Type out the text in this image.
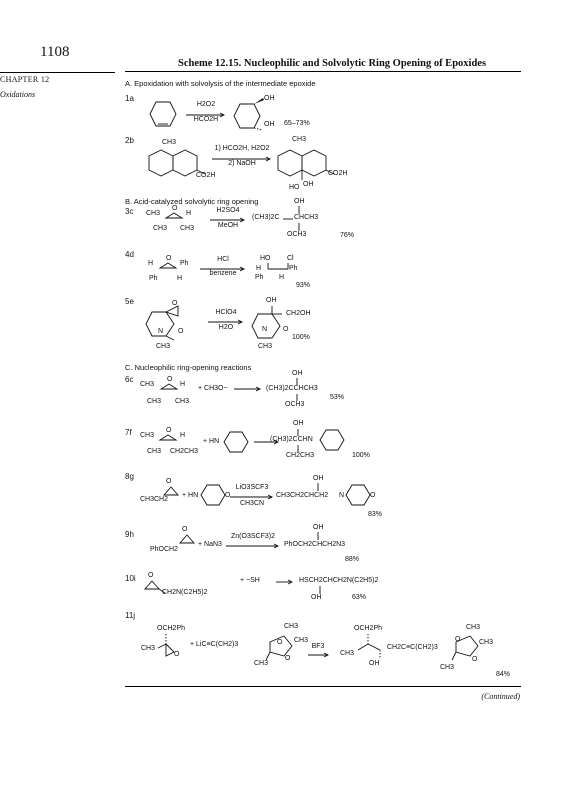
1108
Scheme 12.15. Nucleophilic and Solvolytic Ring Opening of Epoxides
CHAPTER 12
Oxidations
A. Epoxidation with solvolysis of the intermediate epoxide
1a
H2O2
HCO2H
OH
OH 65–73%
2b	CH3
CO2H
1) HCO2H, H2O2
2) NaOH
CH3
CO2H
HO OH
B. Acid-catalyzed solvolytic ring opening
3c CH3
O
H
CH3 CH3
H2SO4
MeOH
OH
(CH3)2C CHCH3
OCH3	76%
4d
H
O
Ph
Ph	H
HCl
benzene
HO Cl
H	Ph
Ph H
93%
5e	O
N O
CH3
HClO4
H2O
OH
CH2OH
N O
CH3
100%
C. Nucleophilic ring-opening reactions
6c
CH3
O
H
CH3 CH3
+ CH3O− →
OH
(CH3)2CCHCH3
OCH3
53%
7f CH3
O
H
CH3 CH2CH3
+ HN
OH
(CH3)2CCHN
CH2CH3	100%
8g
CH3CH2
O
+ HN	O
LiO3SCF3
CH3CN
OH
CH3CH2CHCH2 N	O
83%
9h
PhOCH2
O
+ NaN3
Zn(O3SCF3)2
OH
PhOCH2CHCH2N3
88%
10i O
CH2N(C2H5)2
+ −SH → HSCH2CHCH2N(C2H5)2
OH	63%
11j
OCH2Ph
CH3
O
+ LiC≡C(CH2)3
CH3
O CH3
O
CH3
BF3
OCH2Ph
CH3
CH2C≡C(CH2)3
O
CH3
O
CH3
CH3
OH
84%
(Continued)
